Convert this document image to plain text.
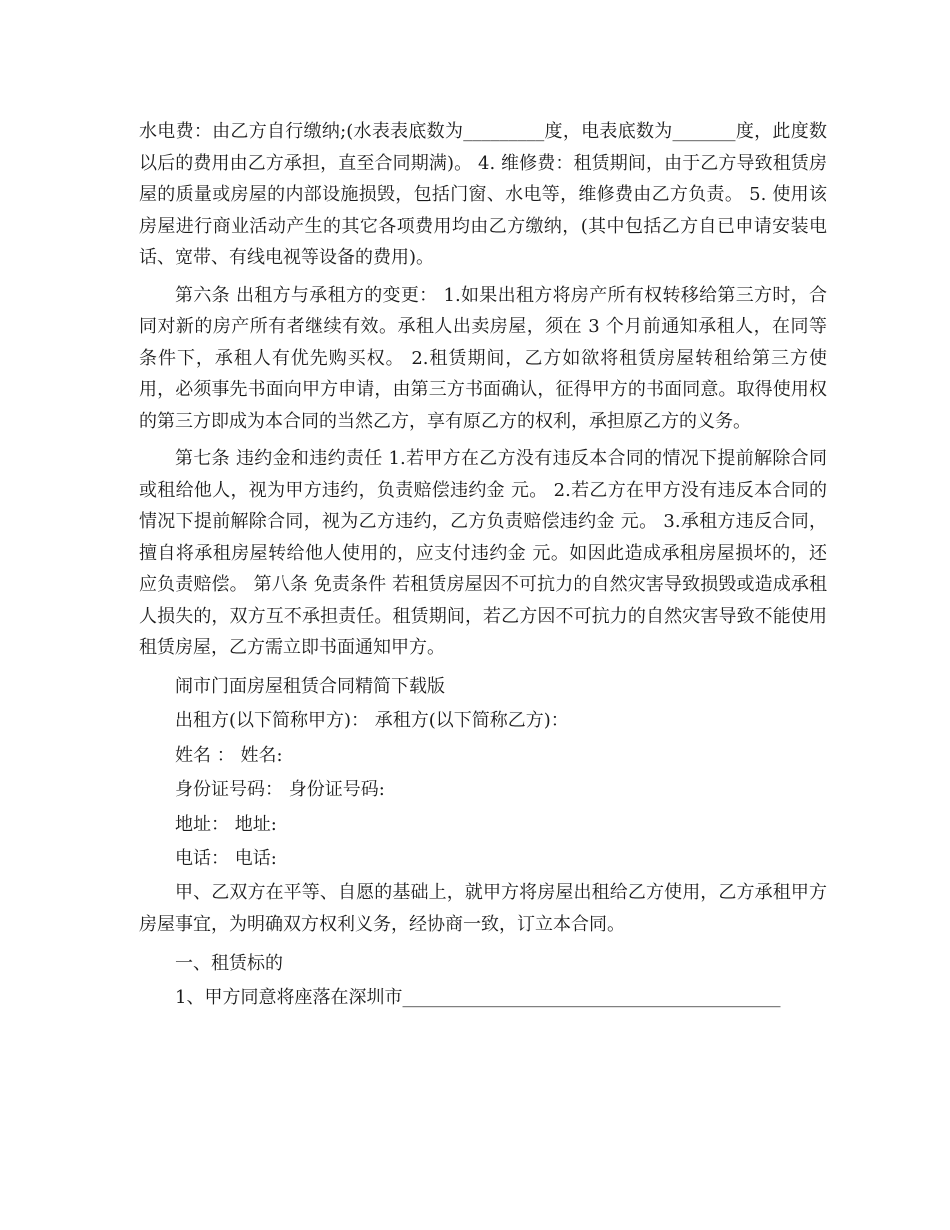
水电费：由乙方自行缴纳;(水表表底数为_________度，电表底数为_______度，此度数以后的费用由乙方承担，直至合同期满)。 4. 维修费：租赁期间，由于乙方导致租赁房屋的质量或房屋的内部设施损毁，包括门窗、水电等，维修费由乙方负责。 5. 使用该房屋进行商业活动产生的其它各项费用均由乙方缴纳，(其中包括乙方自已申请安装电话、宽带、有线电视等设备的费用)。

第六条 出租方与承租方的变更： 1.如果出租方将房产所有权转移给第三方时，合同对新的房产所有者继续有效。承租人出卖房屋，须在 3 个月前通知承租人，在同等条件下，承租人有优先购买权。 2.租赁期间，乙方如欲将租赁房屋转租给第三方使用，必须事先书面向甲方申请，由第三方书面确认，征得甲方的书面同意。取得使用权的第三方即成为本合同的当然乙方，享有原乙方的权利，承担原乙方的义务。

第七条 违约金和违约责任 1.若甲方在乙方没有违反本合同的情况下提前解除合同或租给他人，视为甲方违约，负责赔偿违约金 元。 2.若乙方在甲方没有违反本合同的情况下提前解除合同，视为乙方违约，乙方负责赔偿违约金 元。 3.承租方违反合同，擅自将承租房屋转给他人使用的，应支付违约金 元。如因此造成承租房屋损坏的，还应负责赔偿。 第八条 免责条件 若租赁房屋因不可抗力的自然灾害导致损毁或造成承租人损失的，双方互不承担责任。租赁期间，若乙方因不可抗力的自然灾害导致不能使用租赁房屋，乙方需立即书面通知甲方。

闹市门面房屋租赁合同精简下载版

出租方(以下简称甲方)： 承租方(以下简称乙方)：

姓名 ： 姓名:

身份证号码： 身份证号码:

地址： 地址:

电话： 电话:

甲、乙双方在平等、自愿的基础上，就甲方将房屋出租给乙方使用，乙方承租甲方房屋事宜，为明确双方权利义务，经协商一致，订立本合同。

一、租赁标的

1、甲方同意将座落在深圳市__________________________________________
